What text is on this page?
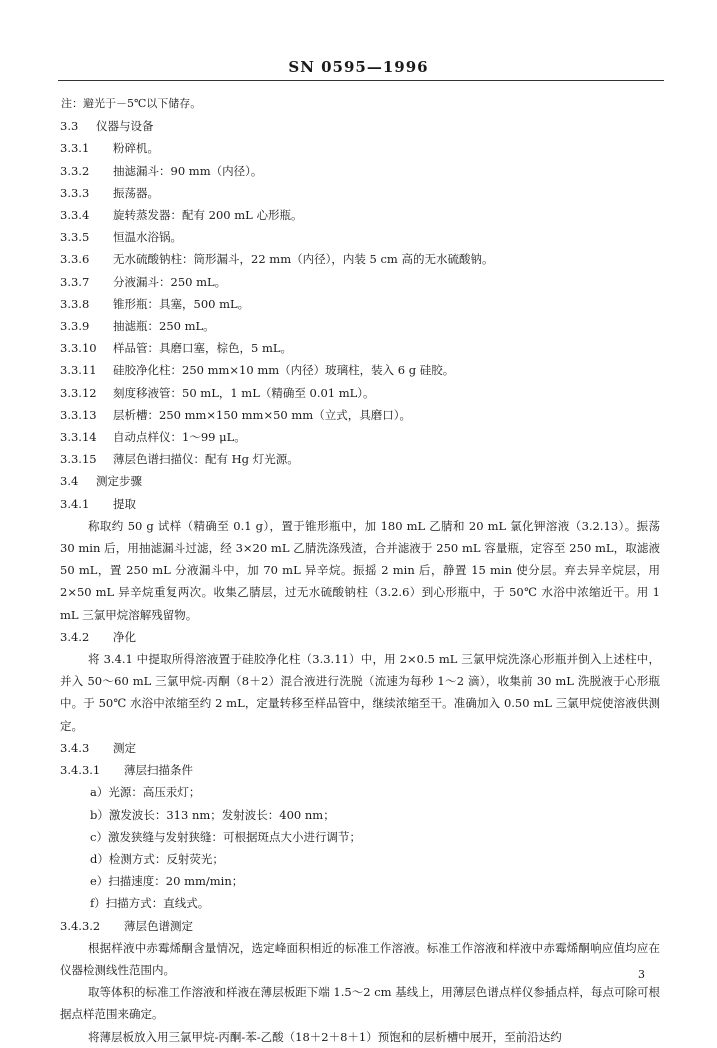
SN 0595—1996
注：避光于－5℃以下储存。
3.3	仪器与设备
3.3.1	粉碎机。
3.3.2	抽滤漏斗：90 mm（内径）。
3.3.3	振荡器。
3.3.4	旋转蒸发器：配有 200 mL 心形瓶。
3.3.5	恒温水浴锅。
3.3.6	无水硫酸钠柱：筒形漏斗，22 mm（内径），内装 5 cm 高的无水硫酸钠。
3.3.7	分液漏斗：250 mL。
3.3.8	锥形瓶：具塞，500 mL。
3.3.9	抽滤瓶：250 mL。
3.3.10	样品管：具磨口塞，棕色，5 mL。
3.3.11	硅胶净化柱：250 mm×10 mm（内径）玻璃柱，装入 6 g 硅胶。
3.3.12	刻度移液管：50 mL，1 mL（精确至 0.01 mL）。
3.3.13	层析槽：250 mm×150 mm×50 mm（立式，具磨口）。
3.3.14	自动点样仪：1～99 μL。
3.3.15	薄层色谱扫描仪：配有 Hg 灯光源。
3.4	测定步骤
3.4.1	提取
称取约 50 g 试样（精确至 0.1 g），置于锥形瓶中，加 180 mL 乙腈和 20 mL 氯化钾溶液（3.2.13）。振荡 30 min 后，用抽滤漏斗过滤，经 3×20 mL 乙腈洗涤残渣，合并滤液于 250 mL 容量瓶，定容至 250 mL，取滤液 50 mL，置 250 mL 分液漏斗中，加 70 mL 异辛烷。振摇 2 min 后，静置 15 min 使分层。弃去异辛烷层，用 2×50 mL 异辛烷重复两次。收集乙腈层，过无水硫酸钠柱（3.2.6）到心形瓶中，于 50℃ 水浴中浓缩近干。用 1 mL 三氯甲烷溶解残留物。
3.4.2	净化
将 3.4.1 中提取所得溶液置于硅胶净化柱（3.3.11）中，用 2×0.5 mL 三氯甲烷洗涤心形瓶并倒入上述柱中，并入 50～60 mL 三氯甲烷-丙酮（8＋2）混合液进行洗脱（流速为每秒 1～2 滴），收集前 30 mL 洗脱液于心形瓶中。于 50℃ 水浴中浓缩至约 2 mL，定量转移至样品管中，继续浓缩至干。准确加入 0.50 mL 三氯甲烷使溶液供测定。
3.4.3	测定
3.4.3.1	薄层扫描条件
a）光源：高压汞灯；
b）激发波长：313 nm；发射波长：400 nm；
c）激发狭缝与发射狭缝：可根据斑点大小进行调节；
d）检测方式：反射荧光；
e）扫描速度：20 mm/min；
f）扫描方式：直线式。
3.4.3.2	薄层色谱测定
根据样液中赤霉烯酮含量情况，选定峰面积相近的标准工作溶液。标准工作溶液和样液中赤霉烯酮响应值均应在仪器检测线性范围内。
取等体积的标准工作溶液和样液在薄层板距下端 1.5～2 cm 基线上，用薄层色谱点样仪参插点样，每点可除可根据点样范围来确定。
将薄层板放入用三氯甲烷-丙酮-苯-乙酸（18＋2＋8＋1）预饱和的层析槽中展开，至前沿达约
3
